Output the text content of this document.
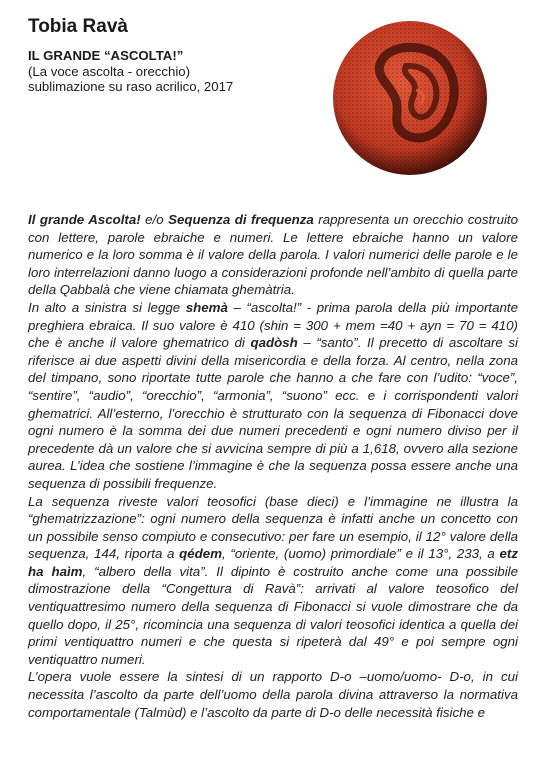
Tobia Ravà
IL GRANDE “ASCOLTA!”
(La voce ascolta - orecchio)
sublimazione su raso acrilico, 2017

Il grande Ascolta! e/o Sequenza di frequenza rappresenta un orecchio costruito con lettere, parole ebraiche e numeri. Le lettere ebraiche hanno un valore numerico e la loro somma è il valore della parola. I valori numerici delle parole e le loro interrelazioni danno luogo a considerazioni profonde nell’ambito di quella parte della Qabbalà che viene chiamata ghemàtria.

In alto a sinistra si legge shemà – “ascolta!” - prima parola della più importante preghiera ebraica. Il suo valore è 410 (shin = 300 + mem =40 + ayn = 70 = 410) che è anche il valore ghematrico di qadòsh – “santo”. Il precetto di ascoltare si riferisce ai due aspetti divini della misericordia e della forza. Al centro, nella zona del timpano, sono riportate tutte parole che hanno a che fare con l’udito: “voce”, “sentire”, “audio”, “orecchio”, “armonia”, “suono” ecc. e i corrispondenti valori ghematrici. All’esterno, l’orecchio è strutturato con la sequenza di Fibonacci dove ogni numero è la somma dei due numeri precedenti e ogni numero diviso per il precedente dà un valore che si avvicina sempre di più a 1,618, ovvero alla sezione aurea. L’idea che sostiene l’immagine è che la sequenza possa essere anche una sequenza di possibili frequenze.

La sequenza riveste valori teosofici (base dieci) e l’immagine ne illustra la “ghematrizzazione”: ogni numero della sequenza è infatti anche un concetto con un possibile senso compiuto e consecutivo: per fare un esempio, il 12° valore della sequenza, 144, riporta a qédem, “oriente, (uomo) primordiale” e il 13°, 233, a etz ha haìm, “albero della vita”. Il dipinto è costruito anche come una possibile dimostrazione della “Congettura di Ravà”: arrivati al valore teosofico del ventiquattresimo numero della sequenza di Fibonacci si vuole dimostrare che da quello dopo, il 25°, ricomincia una sequenza di valori teosofici identica a quella dei primi ventiquattro numeri e che questa si ripeterà dal 49° e poi sempre ogni ventiquattro numeri.

L’opera vuole essere la sintesi di un rapporto D-o –uomo/uomo- D-o, in cui necessita l’ascolto da parte dell’uomo della parola divina attraverso la normativa comportamentale (Talmùd) e l’ascolto da parte di D-o delle necessità fisiche e
